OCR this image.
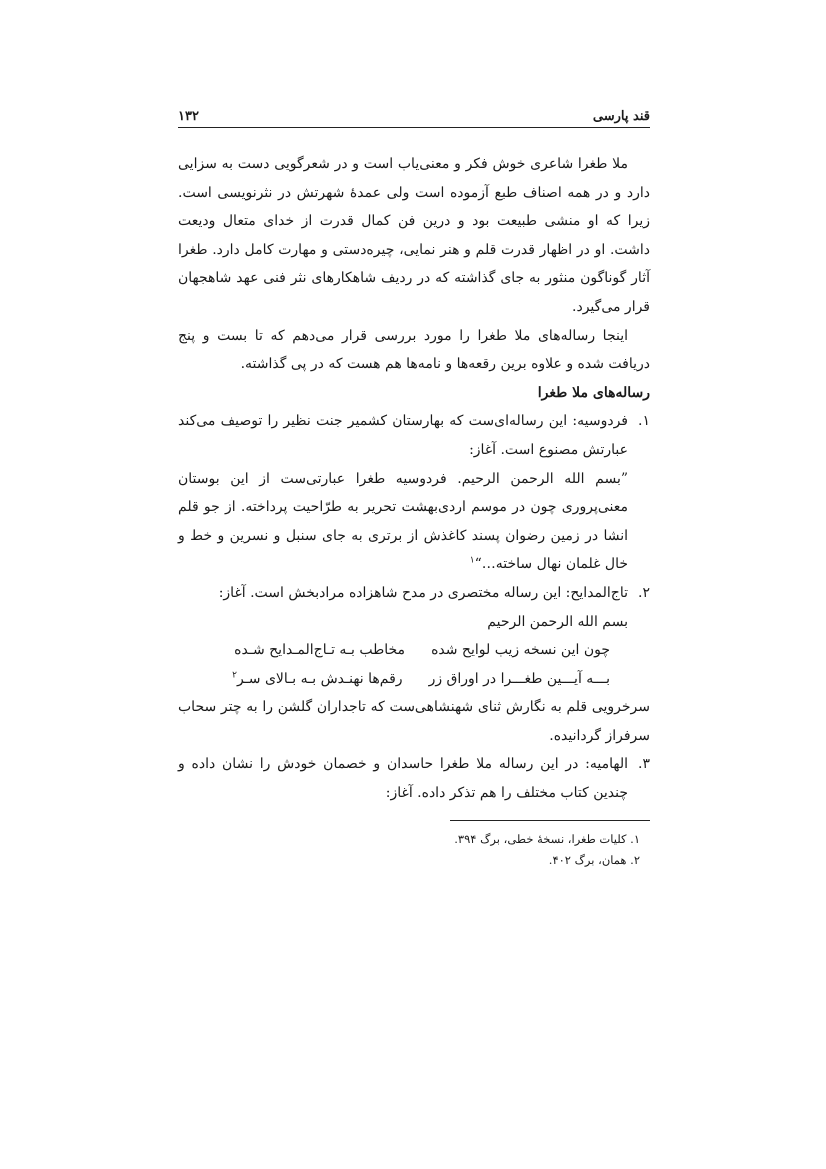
قند پارسی
۱۳۲

ملا طغرا شاعری خوش فکر و معنی‌یاب است و در شعرگویی دست به سزایی دارد و در همه اصناف طبع آزموده است ولی عمدهٔ شهرتش در نثرنویسی است. زیرا که او منشی طبیعت بود و درین فن کمال قدرت از خدای متعال ودیعت داشت. او در اظهار قدرت قلم و هنر نمایی، چیره‌دستی و مهارت کامل دارد. طغرا آثار گوناگون منثور به جای گذاشته که در ردیف شاهکارهای نثر فنی عهد شاهجهان قرار می‌گیرد.

اینجا رساله‌های ملا طغرا را مورد بررسی قرار می‌دهم که تا بست و پنج دریافت شده و علاوه برین رقعه‌ها و نامه‌ها هم هست که در پی گذاشته.

رساله‌های ملا طغرا

۱.

فردوسیه: این رساله‌ای‌ست که بهارستان کشمیر جنت نظیر را توصیف می‌کند عبارتش مصنوع است. آغاز:

”بسم الله الرحمن الرحیم. فردوسیه طغرا عبارتی‌ست از این بوستان معنی‌پروری چون در موسم اردی‌بهشت تحریر به طرّاحیت پرداخته. از جو قلم انشا در زمین رضوان پسند کاغذش از برتری به جای سنبل و نسرین و خط و خال غلمان نهال ساخته…“$^۱$

۲.

تاج‌المدایح: این رساله مختصری در مدح شاهزاده مرادبخش است. آغاز:

بسم الله الرحمن الرحیم

چون این نسخه زیب لوایح شده
مخاطب بـه تـاج‌المـدایح شـده
بـــه آیـــین طغـــرا در اوراق زر
رقم‌ها نهنـدش بـه بـالای سـر$^۲$

سرخرویی قلم به نگارش ثنای شهنشاهی‌ست که تاجداران گلشن را به چتر سحاب سرفراز گردانیده.

۳.

الهامیه: در این رساله ملا طغرا حاسدان و خصمان خودش را نشان داده و چندین کتاب مختلف را هم تذکر داده. آغاز:

۱. کلیات طغرا، نسخهٔ خطی، برگ ۳۹۴.
۲. همان، برگ ۴۰۲.
